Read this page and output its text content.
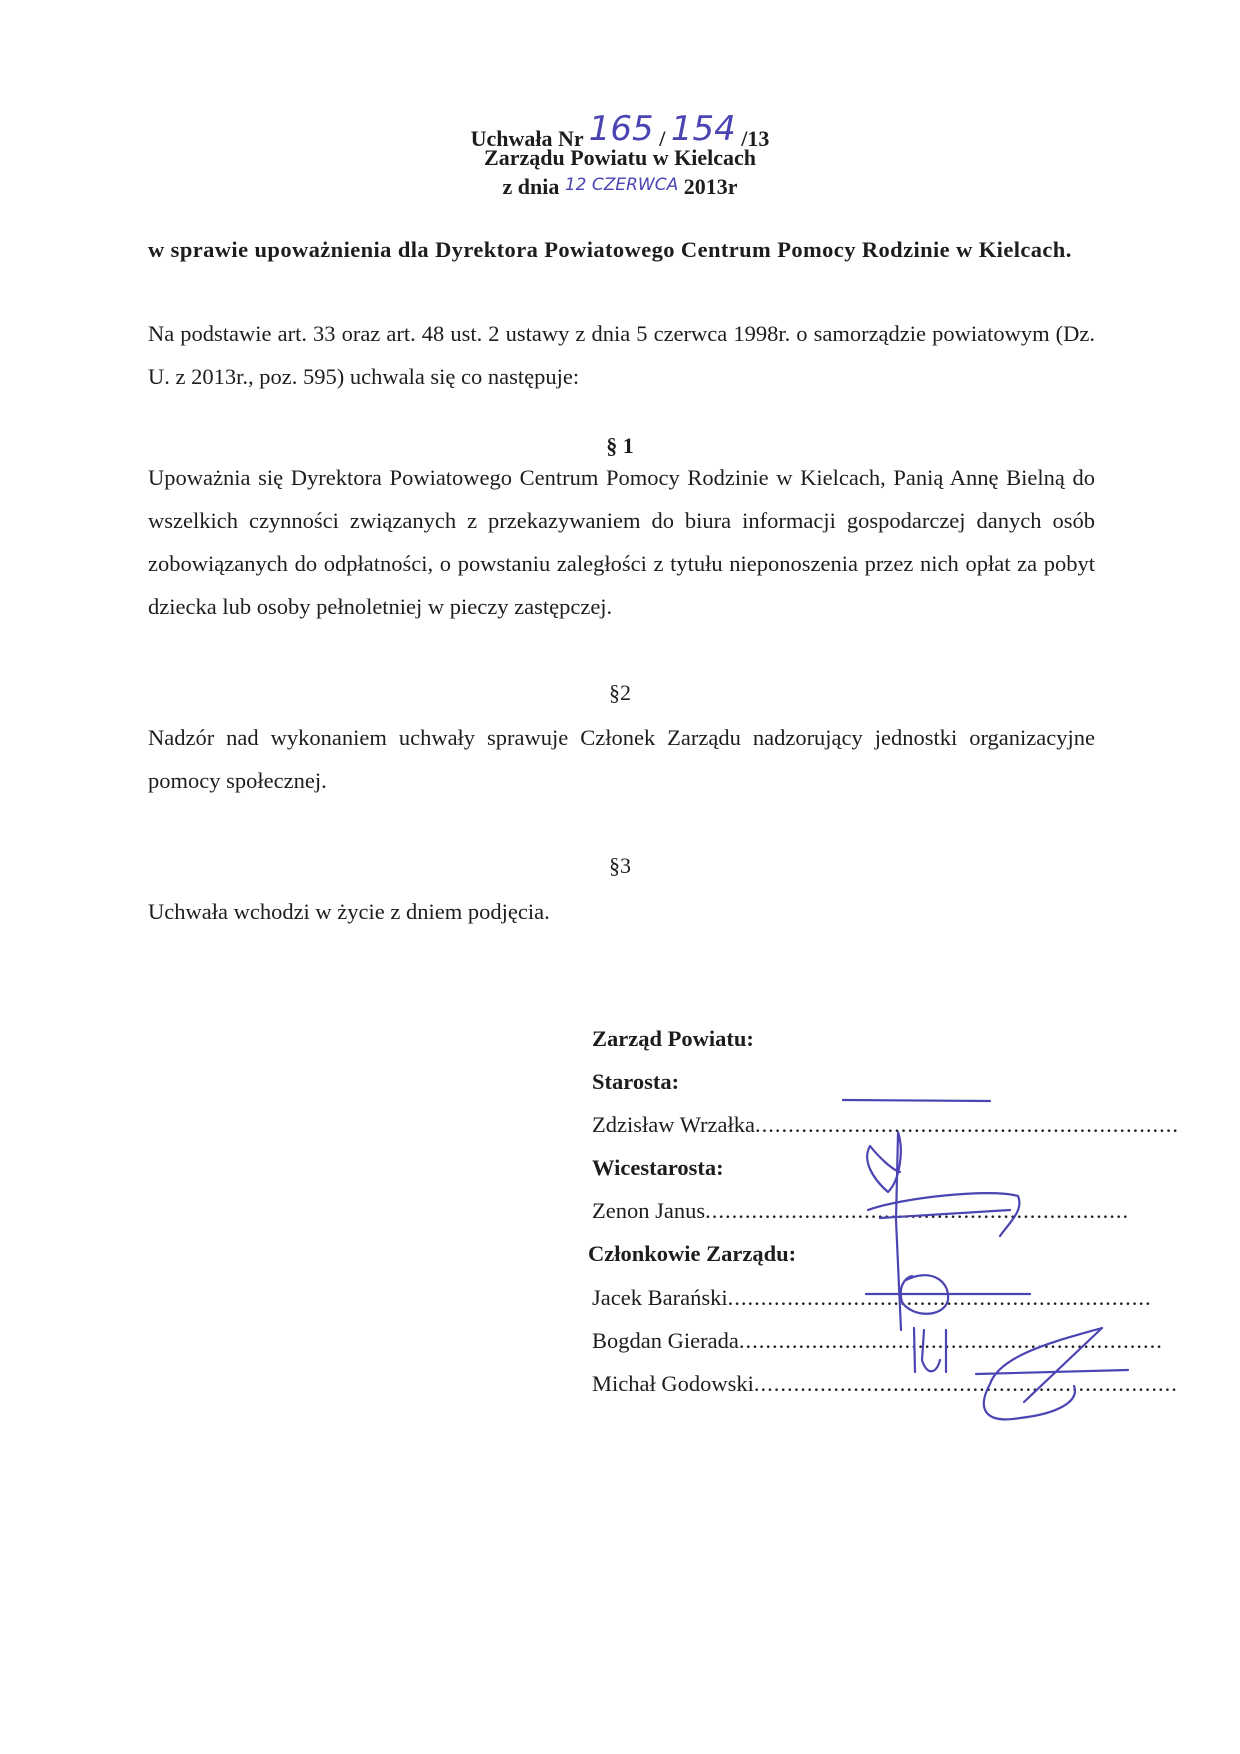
Uchwała Nr 165 / 154 /13
Zarządu Powiatu w Kielcach
z dnia 12 CZERWCA 2013r
w sprawie upoważnienia dla Dyrektora Powiatowego Centrum Pomocy Rodzinie w Kielcach.
Na podstawie art. 33 oraz art. 48 ust. 2 ustawy z dnia 5 czerwca 1998r. o samorządzie powiatowym (Dz. U. z 2013r., poz. 595) uchwala się co następuje:
§ 1
Upoważnia się Dyrektora Powiatowego Centrum Pomocy Rodzinie w Kielcach, Panią Annę Bielną do wszelkich czynności związanych z przekazywaniem do biura informacji gospodarczej danych osób zobowiązanych do odpłatności, o powstaniu zaległości z tytułu nieponoszenia przez nich opłat za pobyt dziecka lub osoby pełnoletniej w pieczy zastępczej.
§2
Nadzór nad wykonaniem uchwały sprawuje Członek Zarządu nadzorujący jednostki organizacyjne pomocy społecznej.
§3
Uchwała wchodzi w życie z dniem podjęcia.
Zarząd Powiatu:
Starosta:
Zdzisław Wrzałka ................................................................
Wicestarosta:
Zenon Janus ................................................................
Członkowie Zarządu:
Jacek Barański ................................................................
Bogdan Gierada ................................................................
Michał Godowski ................................................................
